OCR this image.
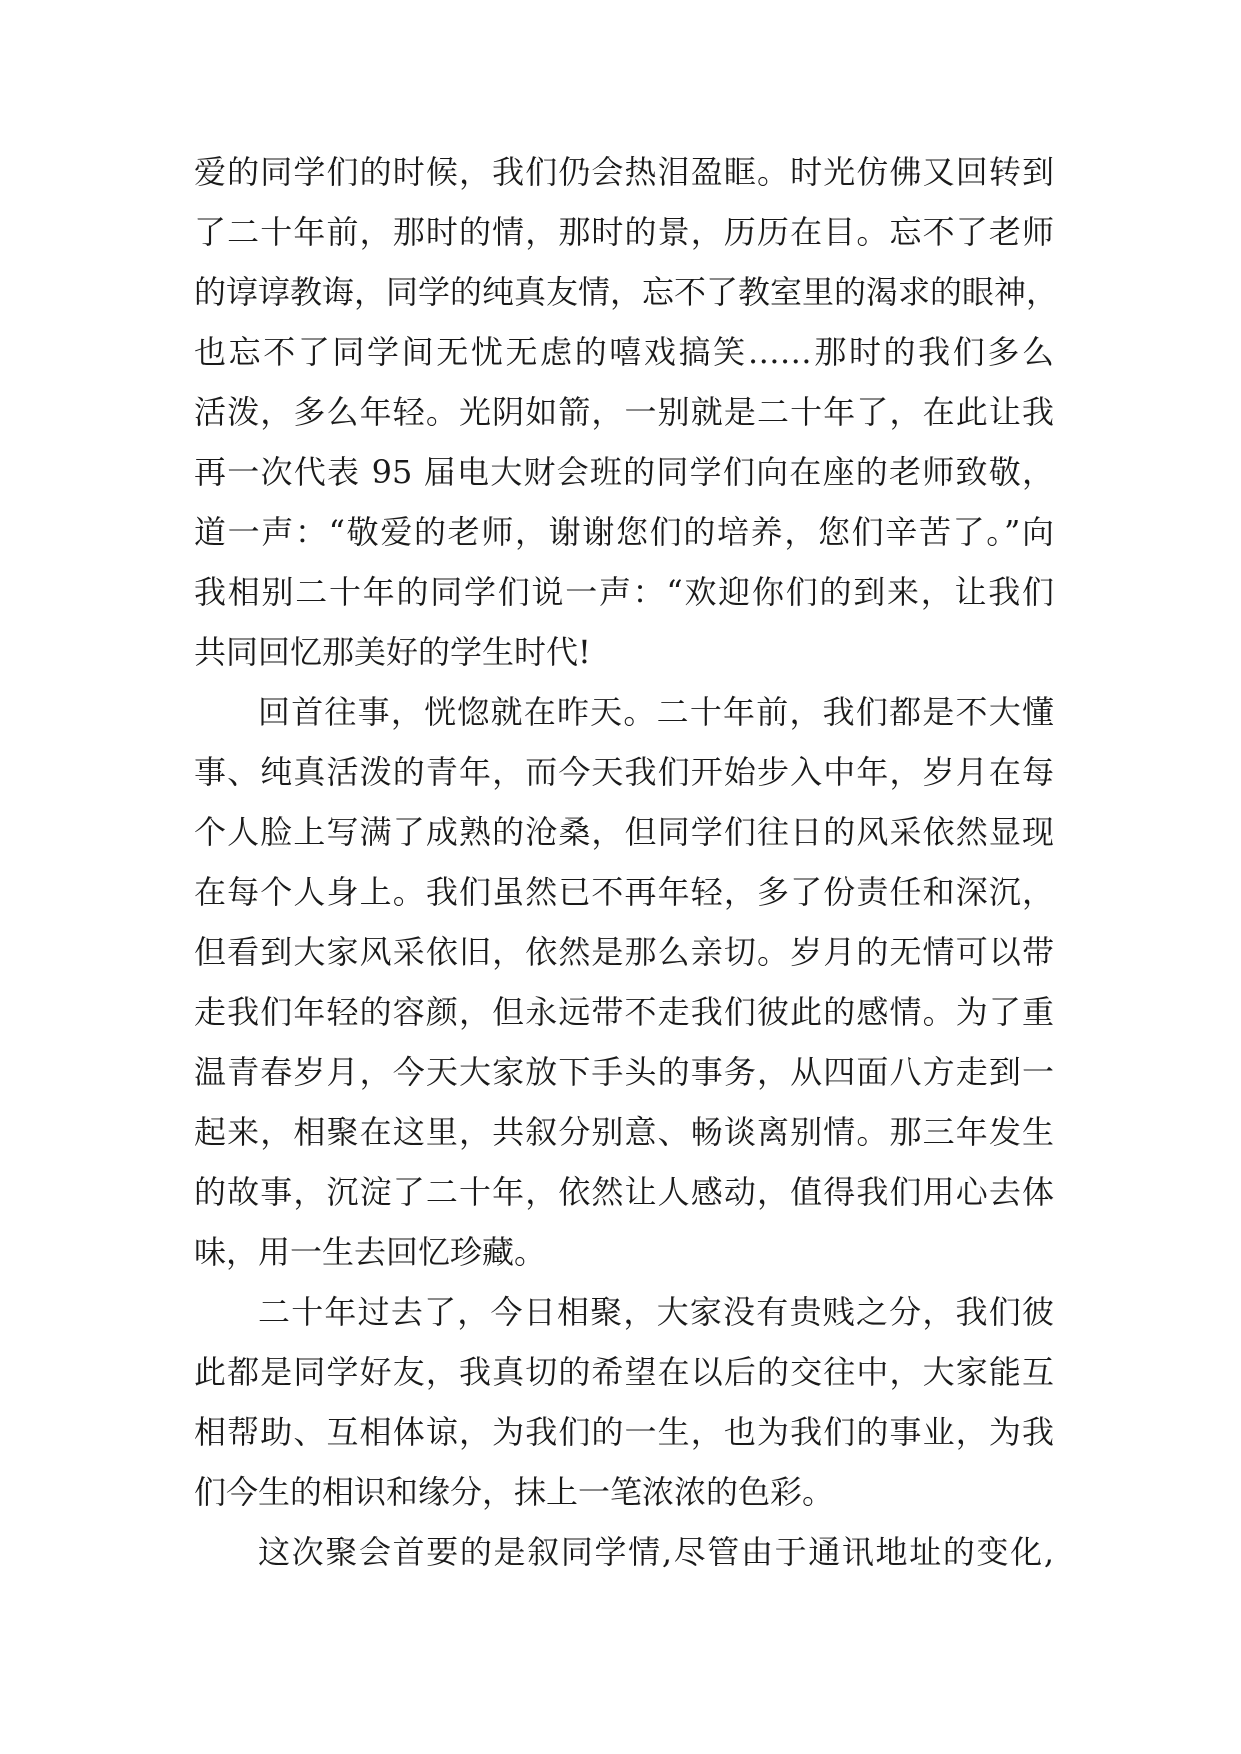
爱的同学们的时候，我们仍会热泪盈眶。时光仿佛又回转到
了二十年前，那时的情，那时的景，历历在目。忘不了老师
的谆谆教诲，同学的纯真友情，忘不了教室里的渴求的眼神，
也忘不了同学间无忧无虑的嘻戏搞笑……那时的我们多么
活泼，多么年轻。光阴如箭，一别就是二十年了，在此让我
再一次代表 95 届电大财会班的同学们向在座的老师致敬，
道一声：“敬爱的老师，谢谢您们的培养，您们辛苦了。”向
我相别二十年的同学们说一声：“欢迎你们的到来，让我们
共同回忆那美好的学生时代!
回首往事，恍惚就在昨天。二十年前，我们都是不大懂
事、纯真活泼的青年，而今天我们开始步入中年，岁月在每
个人脸上写满了成熟的沧桑，但同学们往日的风采依然显现
在每个人身上。我们虽然已不再年轻，多了份责任和深沉，
但看到大家风采依旧，依然是那么亲切。岁月的无情可以带
走我们年轻的容颜，但永远带不走我们彼此的感情。为了重
温青春岁月，今天大家放下手头的事务，从四面八方走到一
起来，相聚在这里，共叙分别意、畅谈离别情。那三年发生
的故事，沉淀了二十年，依然让人感动，值得我们用心去体
味，用一生去回忆珍藏。
二十年过去了，今日相聚，大家没有贵贱之分，我们彼
此都是同学好友，我真切的希望在以后的交往中，大家能互
相帮助、互相体谅，为我们的一生，也为我们的事业，为我
们今生的相识和缘分，抹上一笔浓浓的色彩。
这次聚会首要的是叙同学情,尽管由于通讯地址的变化,
